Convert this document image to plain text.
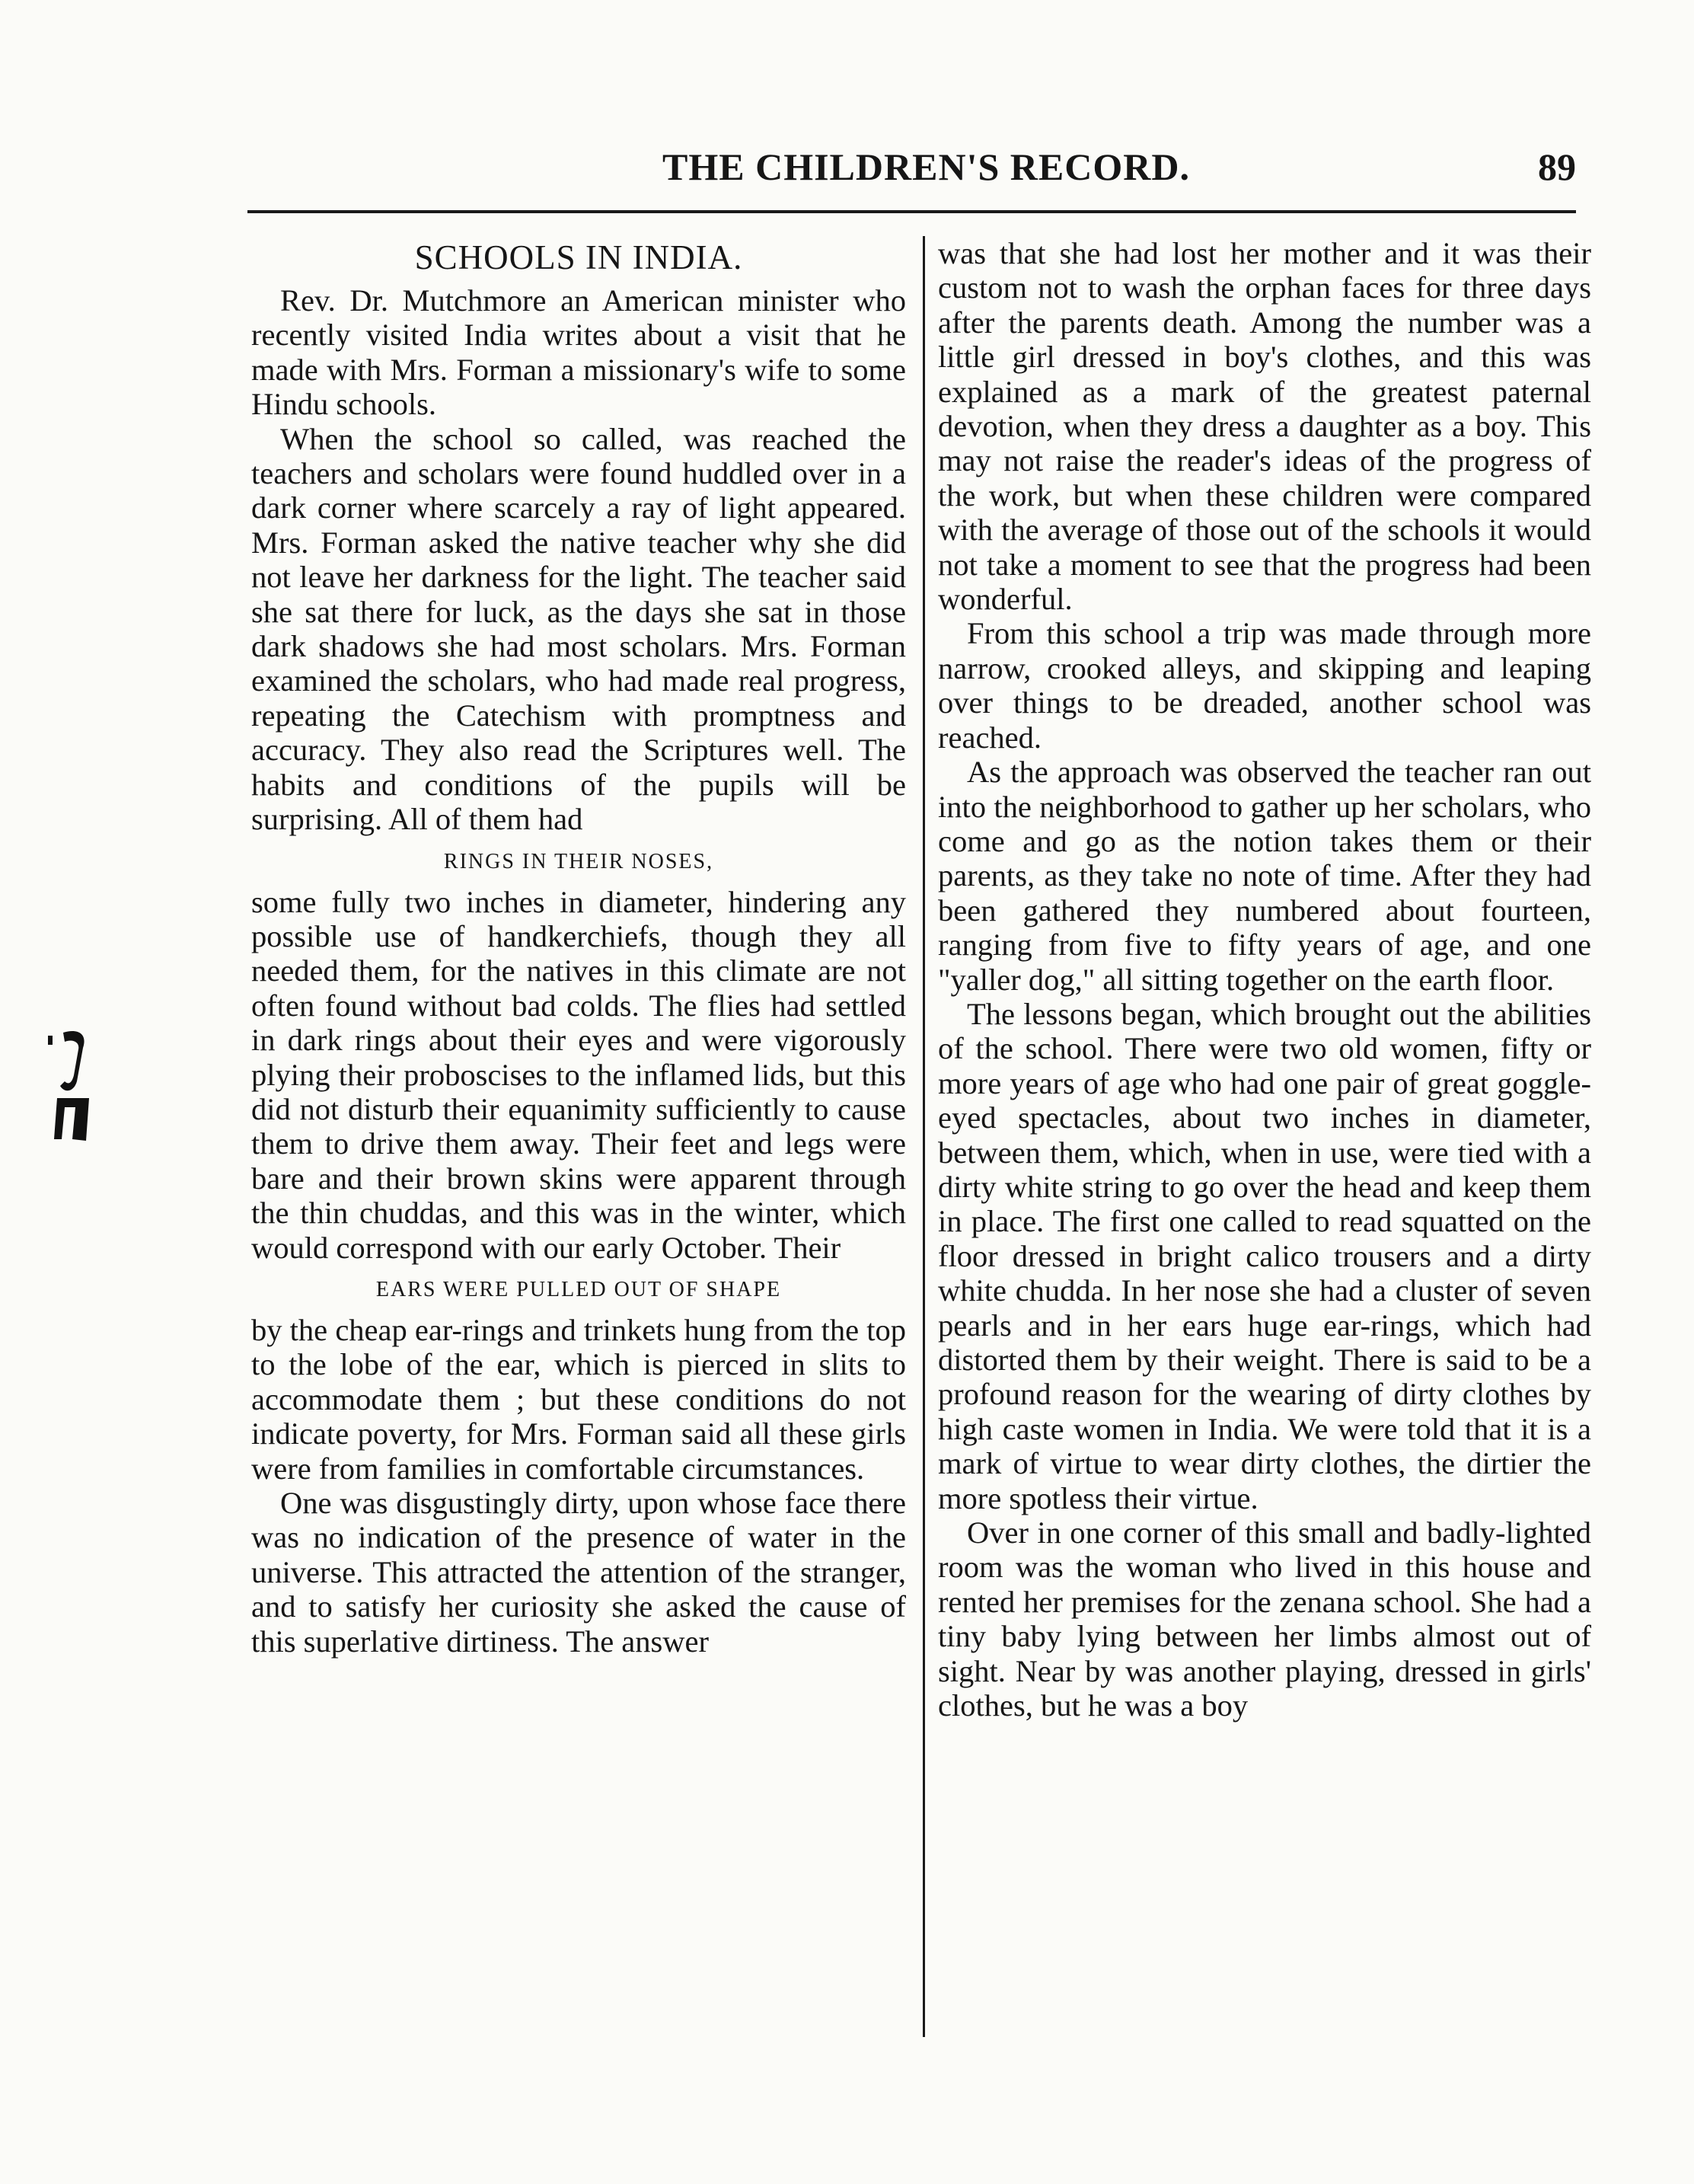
THE CHILDREN'S RECORD.	89
SCHOOLS IN INDIA.

Rev. Dr. Mutchmore an American minister who recently visited India writes about a visit that he made with Mrs. Forman a missionary's wife to some Hindu schools.

When the school so called, was reached the teachers and scholars were found huddled over in a dark corner where scarcely a ray of light appeared. Mrs. Forman asked the native teacher why she did not leave her darkness for the light. The teacher said she sat there for luck, as the days she sat in those dark shadows she had most scholars. Mrs. Forman examined the scholars, who had made real progress, repeating the Catechism with promptness and accuracy. They also read the Scriptures well. The habits and conditions of the pupils will be surprising. All of them had

RINGS IN THEIR NOSES,

some fully two inches in diameter, hindering any possible use of handkerchiefs, though they all needed them, for the natives in this climate are not often found without bad colds. The flies had settled in dark rings about their eyes and were vigorously plying their proboscises to the inflamed lids, but this did not disturb their equanimity sufficiently to cause them to drive them away. Their feet and legs were bare and their brown skins were apparent through the thin chuddas, and this was in the winter, which would correspond with our early October. Their

EARS WERE PULLED OUT OF SHAPE

by the cheap ear-rings and trinkets hung from the top to the lobe of the ear, which is pierced in slits to accommodate them ; but these conditions do not indicate poverty, for Mrs. Forman said all these girls were from families in comfortable circumstances.

One was disgustingly dirty, upon whose face there was no indication of the presence of water in the universe. This attracted the attention of the stranger, and to satisfy her curiosity she asked the cause of this superlative dirtiness. The answer

was that she had lost her mother and it was their custom not to wash the orphan faces for three days after the parents death. Among the number was a little girl dressed in boy's clothes, and this was explained as a mark of the greatest paternal devotion, when they dress a daughter as a boy. This may not raise the reader's ideas of the progress of the work, but when these children were compared with the average of those out of the schools it would not take a moment to see that the progress had been wonderful.

From this school a trip was made through more narrow, crooked alleys, and skipping and leaping over things to be dreaded, another school was reached.

As the approach was observed the teacher ran out into the neighborhood to gather up her scholars, who come and go as the notion takes them or their parents, as they take no note of time. After they had been gathered they numbered about fourteen, ranging from five to fifty years of age, and one "yaller dog," all sitting together on the earth floor.

The lessons began, which brought out the abilities of the school. There were two old women, fifty or more years of age who had one pair of great goggle-eyed spectacles, about two inches in diameter, between them, which, when in use, were tied with a dirty white string to go over the head and keep them in place. The first one called to read squatted on the floor dressed in bright calico trousers and a dirty white chudda. In her nose she had a cluster of seven pearls and in her ears huge ear-rings, which had distorted them by their weight. There is said to be a profound reason for the wearing of dirty clothes by high caste women in India. We were told that it is a mark of virtue to wear dirty clothes, the dirtier the more spotless their virtue.

Over in one corner of this small and badly-lighted room was the woman who lived in this house and rented her premises for the zenana school. She had a tiny baby lying between her limbs almost out of sight. Near by was another playing, dressed in girls' clothes, but he was a boy
